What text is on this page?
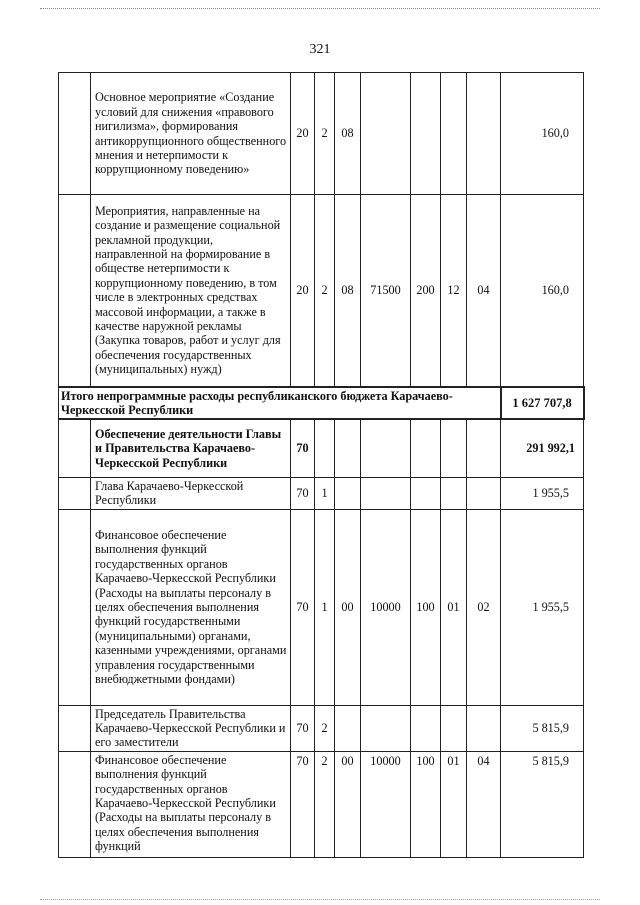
321
	Основное мероприятие «Создание условий для снижения «правового нигилизма», формирования антикоррупционного общественного мнения и нетерпимости к коррупционному поведению»	20	2	08					160,0
	Мероприятия, направленные на создание и размещение социальной рекламной продукции, направленной на формирование в обществе нетерпимости к коррупционному поведению, в том числе в электронных средствах массовой информации, а также в качестве наружной рекламы (Закупка товаров, работ и услуг для обеспечения государственных (муниципальных) нужд)	20	2	08	71500	200	12	04	160,0
Итого непрограммные расходы республиканского бюджета Карачаево-Черкесской Республики									1 627 707,8
	Обеспечение деятельности Главы и Правительства Карачаево-Черкесской Республики	70							291 992,1
	Глава Карачаево-Черкесской Республики	70	1						1 955,5
	Финансовое обеспечение выполнения функций государственных органов Карачаево-Черкесской Республики (Расходы на выплаты персоналу в целях обеспечения выполнения функций государственными (муниципальными) органами, казенными учреждениями, органами управления государственными внебюджетными фондами)	70	1	00	10000	100	01	02	1 955,5
	Председатель Правительства Карачаево-Черкесской Республики и его заместители	70	2						5 815,9
	Финансовое обеспечение выполнения функций государственных органов Карачаево-Черкесской Республики (Расходы на выплаты персоналу в целях обеспечения выполнения функций	70	2	00	10000	100	01	04	5 815,9
